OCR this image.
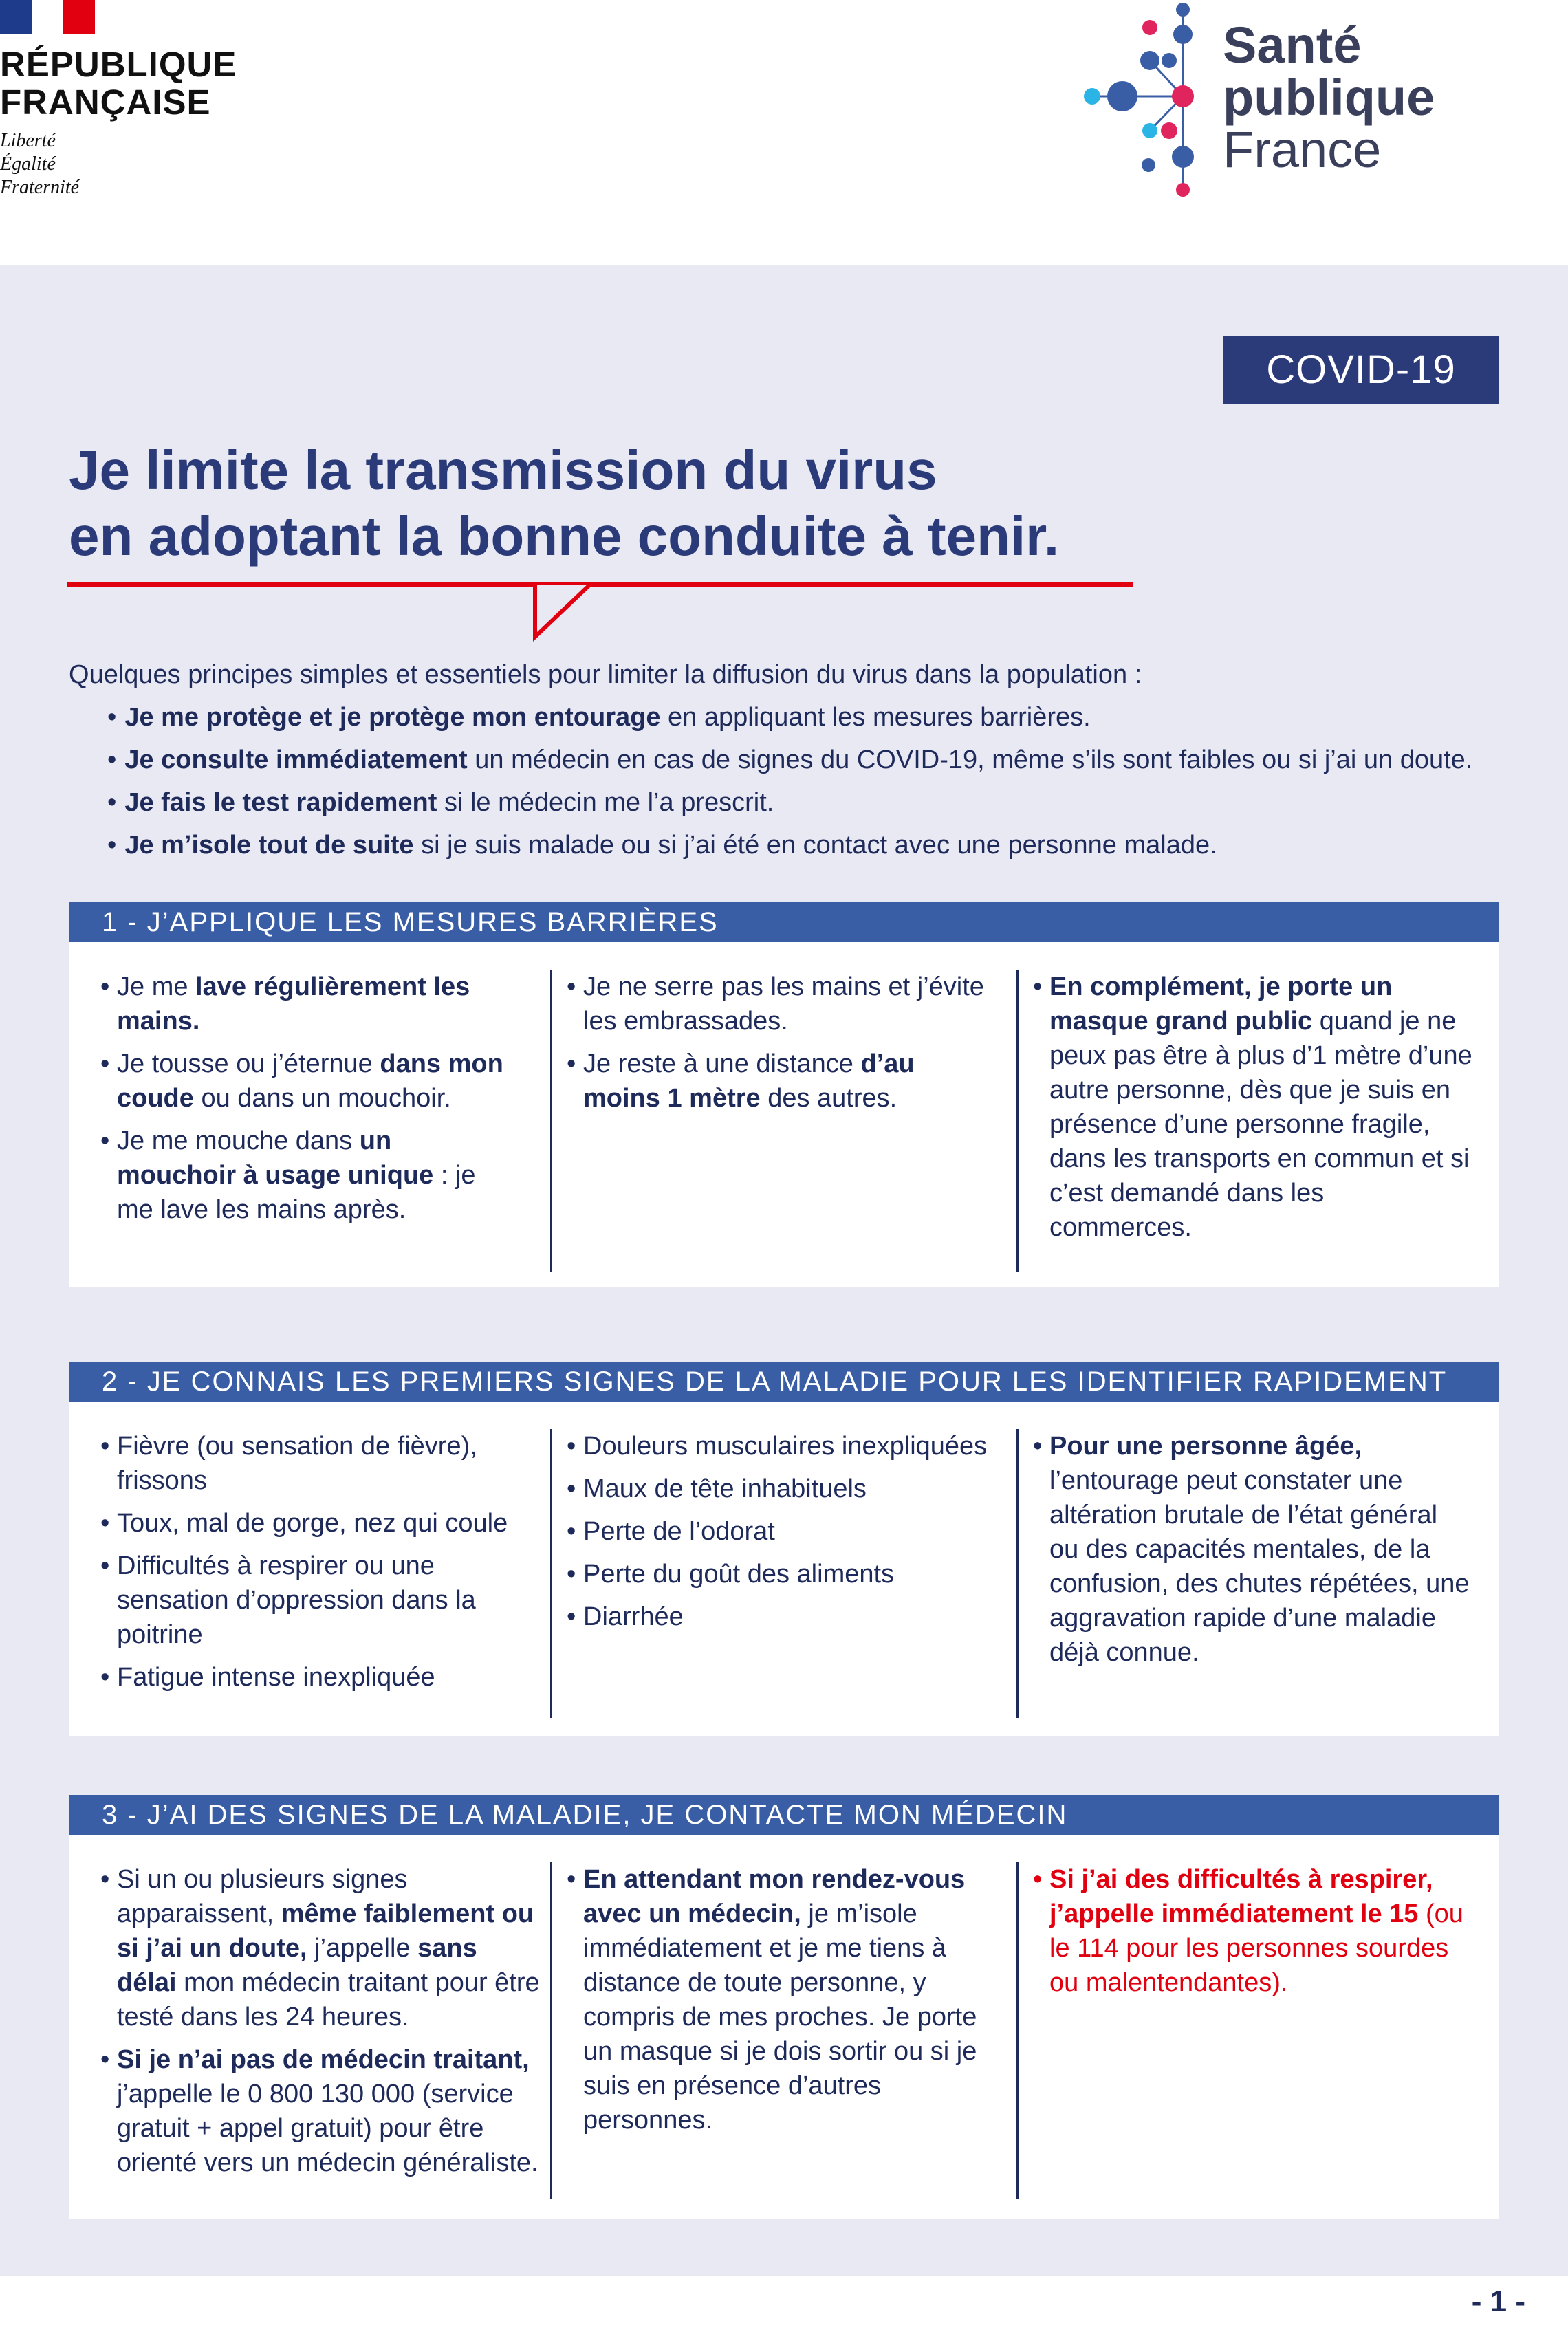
RÉPUBLIQUE
FRANÇAISE
Liberté
Égalité
Fraternité
Santé
publique
France
COVID-19
Je limite la transmission du virus
en adoptant la bonne conduite à tenir.
Quelques principes simples et essentiels pour limiter la diffusion du virus dans la population :
• Je me protège et je protège mon entourage en appliquant les mesures barrières.
• Je consulte immédiatement un médecin en cas de signes du COVID-19, même s’ils sont faibles ou si j’ai un doute.
• Je fais le test rapidement si le médecin me l’a prescrit.
• Je m’isole tout de suite si je suis malade ou si j’ai été en contact avec une personne malade.
1 - J’APPLIQUE LES MESURES BARRIÈRES
• Je me lave régulièrement les mains.
• Je tousse ou j’éternue dans mon coude ou dans un mouchoir.
• Je me mouche dans un mouchoir à usage unique : je me lave les mains après.
• Je ne serre pas les mains et j’évite les embrassades.
• Je reste à une distance d’au moins 1 mètre des autres.
• En complément, je porte un masque grand public quand je ne peux pas être à plus d’1 mètre d’une autre personne, dès que je suis en présence d’une personne fragile, dans les transports en commun et si c’est demandé dans les commerces.
2 - JE CONNAIS LES PREMIERS SIGNES DE LA MALADIE POUR LES IDENTIFIER RAPIDEMENT
• Fièvre (ou sensation de fièvre), frissons
• Toux, mal de gorge, nez qui coule
• Difficultés à respirer ou une sensation d’oppression dans la poitrine
• Fatigue intense inexpliquée
• Douleurs musculaires inexpliquées
• Maux de tête inhabituels
• Perte de l’odorat
• Perte du goût des aliments
• Diarrhée
• Pour une personne âgée, l’entourage peut constater une altération brutale de l’état général ou des capacités mentales, de la confusion, des chutes répétées, une aggravation rapide d’une maladie déjà connue.
3 - J’AI DES SIGNES DE LA MALADIE, JE CONTACTE MON MÉDECIN
• Si un ou plusieurs signes apparaissent, même faiblement ou si j’ai un doute, j’appelle sans délai mon médecin traitant pour être testé dans les 24 heures.
• Si je n’ai pas de médecin traitant, j’appelle le 0 800 130 000 (service gratuit + appel gratuit) pour être orienté vers un médecin généraliste.
• En attendant mon rendez-vous avec un médecin, je m’isole immédiatement et je me tiens à distance de toute personne, y compris de mes proches. Je porte un masque si je dois sortir ou si je suis en présence d’autres personnes.
• Si j’ai des difficultés à respirer, j’appelle immédiatement le 15 (ou le 114 pour les personnes sourdes ou malentendantes).
- 1 -
